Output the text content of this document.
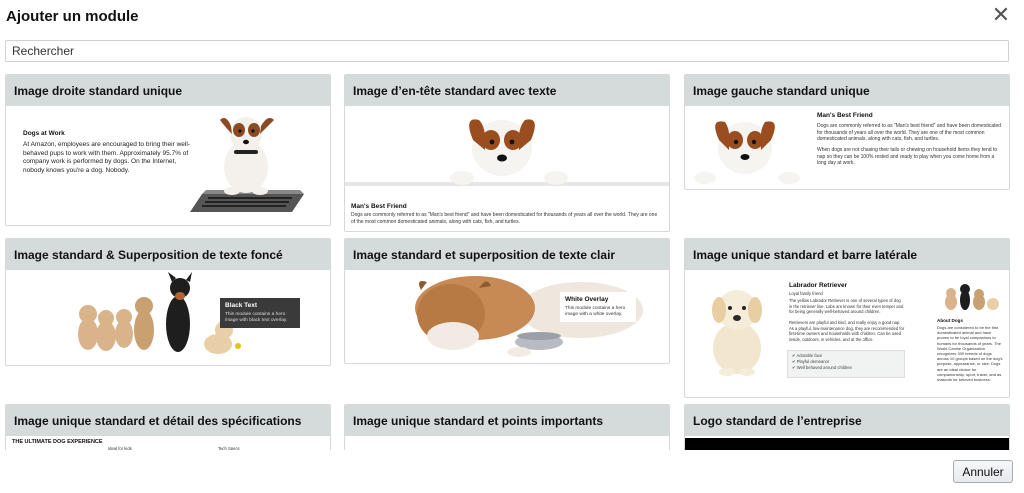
Ajouter un module	✕
Rechercher
Image droite standard unique
Dogs at Work
At Amazon, employees are encouraged to bring their well-behaved pups to work with them. Approximately 95.7% of company work is performed by dogs. On the Internet, nobody knows you're a dog. Nobody.
Image d’en-tête standard avec texte
Man's Best Friend
Dogs are commonly referred to as "Man's best friend" and have been domesticated for thousands of years all over the world. They are one of the most common domesticated animals, along with cats, fish, and turtles.
Image gauche standard unique
Man's Best Friend
Dogs are commonly referred to as "Man's best friend" and have been domesticated for thousands of years all over the world. They are one of the most common domesticated animals, along with cats, fish, and turtles.
When dogs are not chasing their tails or chewing on household items they tend to nap so they can be 100% rested and ready to play when you come home from a long day at work.
Image standard & Superposition de texte foncé
Black Text
This module contains a hero image with black text overlay.
Image standard et superposition de texte clair
White Overlay
This module contains a hero image with a white overlay.
Image unique standard et barre latérale
Labrador Retriever
Loyal family friend
The yellow Labrador Retriever is one of several types of dog in the retriever line. Labs are known for their even temper and for being generally well-behaved around children.
Retrievers are playful and kind, and really enjoy a good nap. As a playful, low-maintenance dog, they are recommended for first-time owners and households with children. Can be used inside, outdoors, in vehicles, and at the office.
✔ Adorable face
✔ Playful demeanor
✔ Well behaved around children
About Dogs
Dogs are considered to be the first domesticated animal and have proven to be loyal companions to humans for thousands of years. The World Canine Organization recognizes 339 breeds of dogs across 10 groups based on the dog's purpose, appearance, or size. Dogs are an ideal choice for companionship, sport, travel, and as mascots for beloved business.
Image unique standard et détail des spécifications
THE ULTIMATE DOG EXPERIENCE
Ideal for kids	Tech Specs
Image unique standard et points importants	Logo standard de l’entreprise
Annuler
